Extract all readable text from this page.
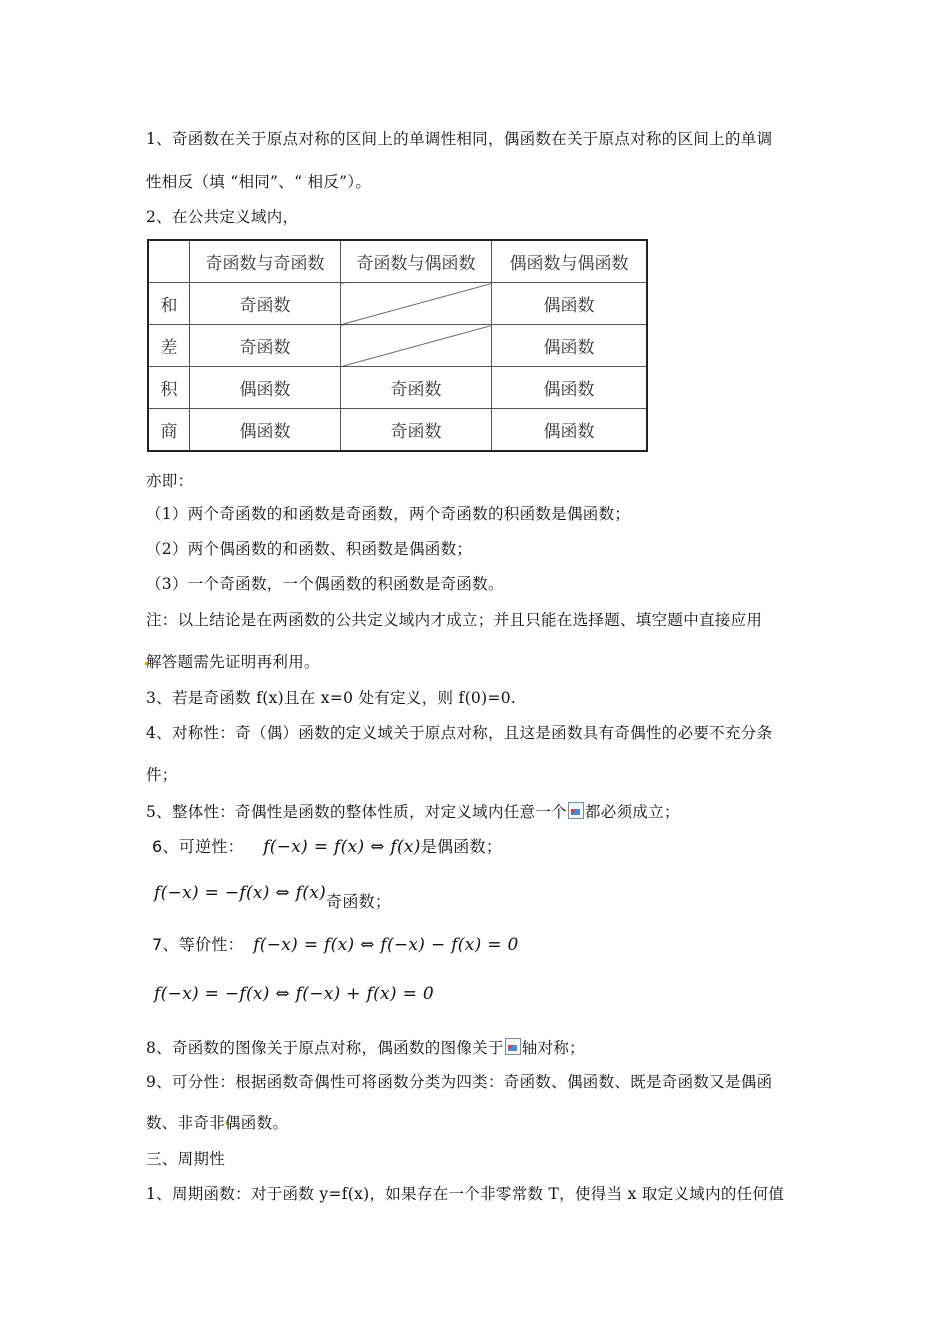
1、奇函数在关于原点对称的区间上的单调性相同，偶函数在关于原点对称的区间上的单调
性相反（填 “相同”、“ 相反”）。
2、在公共定义域内，
	奇函数与奇函数	奇函数与偶函数	偶函数与偶函数
和	奇函数		偶函数
差	奇函数		偶函数
积	偶函数	奇函数	偶函数
商	偶函数	奇函数	偶函数
亦即：
（1）两个奇函数的和函数是奇函数，两个奇函数的积函数是偶函数；
（2）两个偶函数的和函数、积函数是偶函数；
（3）一个奇函数，一个偶函数的积函数是奇函数。
注：以上结论是在两函数的公共定义域内才成立；并且只能在选择题、填空题中直接应用
解答题需先证明再利用。
3、若是奇函数 f(x)且在 x=0 处有定义，则 f(0)=0.
4、对称性：奇（偶）函数的定义域关于原点对称，且这是函数具有奇偶性的必要不充分条
件；
5、整体性：奇偶性是函数的整体性质，对定义域内任意一个 都必须成立；
6、可逆性： f(−x) = f(x) ⇔ f(x)是偶函数；
f(−x) = −f(x) ⇔ f(x)奇函数；
7、等价性： f(−x) = f(x) ⇔ f(−x) − f(x) = 0
f(−x) = −f(x) ⇔ f(−x) + f(x) = 0
8、奇函数的图像关于原点对称，偶函数的图像关于 轴对称；
9、可分性：根据函数奇偶性可将函数分类为四类：奇函数、偶函数、既是奇函数又是偶函
数、非奇非偶函数。
三、周期性
1、周期函数：对于函数 y=f(x)，如果存在一个非零常数 T，使得当 x 取定义域内的任何值
